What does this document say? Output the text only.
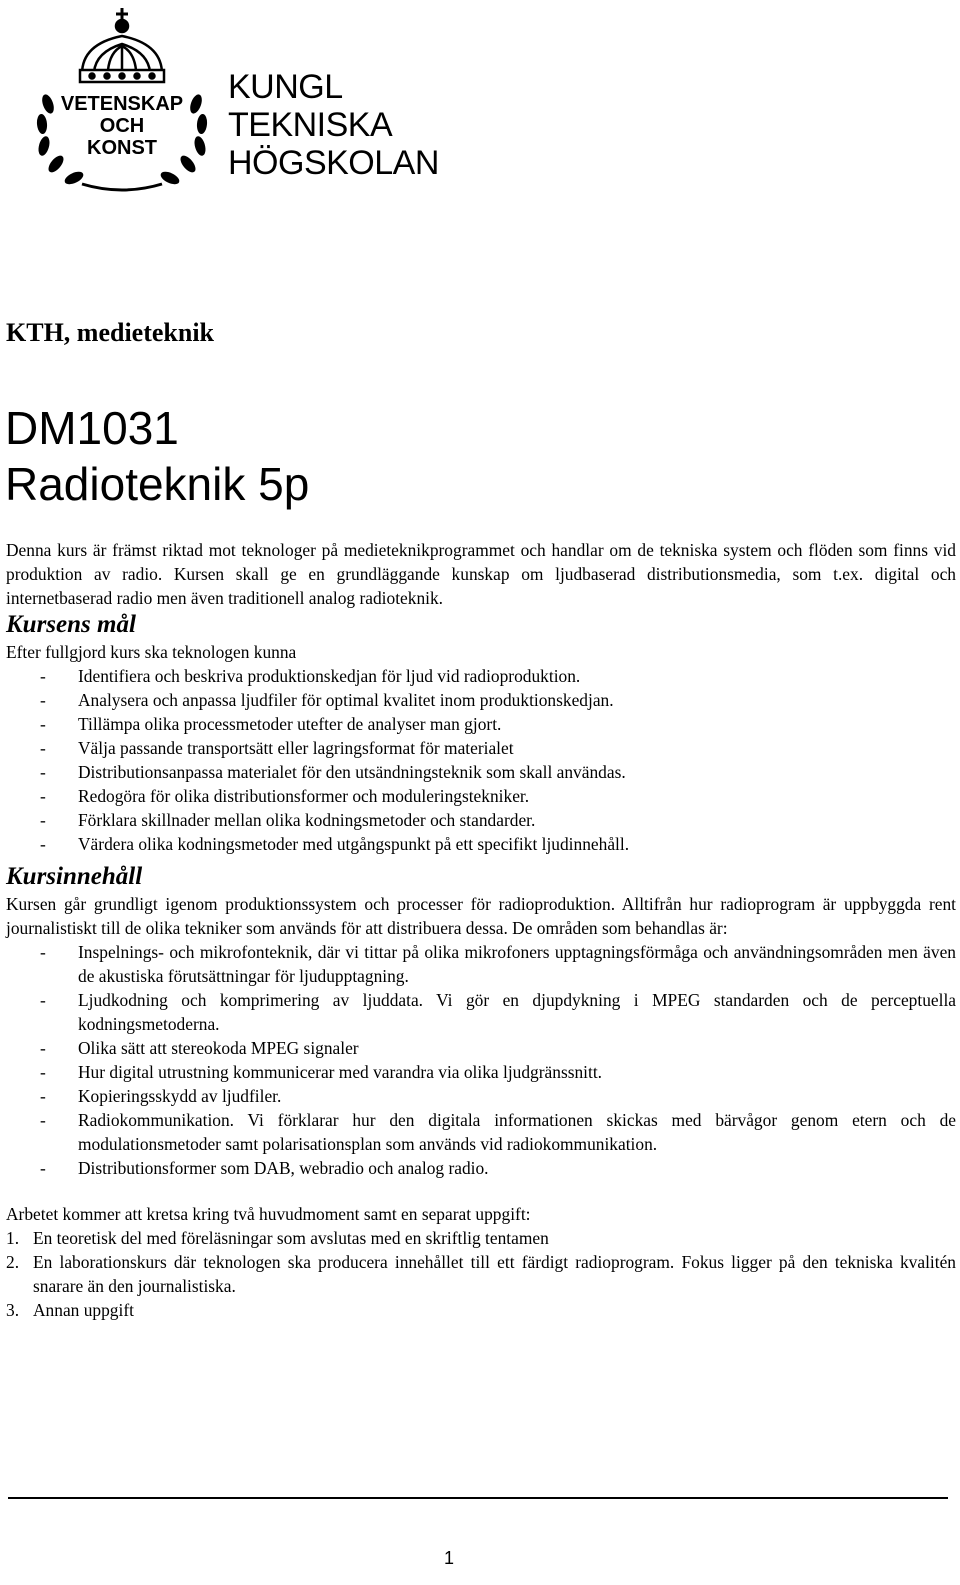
VETENSKAP
OCH
KONST
KUNGL
TEKNISKA
HÖGSKOLAN
KTH, medieteknik
DM1031
Radioteknik 5p

Denna kurs är främst riktad mot teknologer på medieteknikprogrammet och handlar om de tekniska system och flöden som finns vid produktion av radio. Kursen skall ge en grundläggande kunskap om ljudbaserad distributionsmedia, som t.ex. digital och internetbaserad radio men även traditionell analog radioteknik.

Kursens mål

Efter fullgjord kurs ska teknologen kunna

- Identifiera och beskriva produktionskedjan för ljud vid radioproduktion.
- Analysera och anpassa ljudfiler för optimal kvalitet inom produktionskedjan.
- Tillämpa olika processmetoder utefter de analyser man gjort.
- Välja passande transportsätt eller lagringsformat för materialet
- Distributionsanpassa materialet för den utsändningsteknik som skall användas.
- Redogöra för olika distributionsformer och moduleringstekniker.
- Förklara skillnader mellan olika kodningsmetoder och standarder.
- Värdera olika kodningsmetoder med utgångspunkt på ett specifikt ljudinnehåll.
Kursinnehåll

Kursen går grundligt igenom produktionssystem och processer för radioproduktion. Alltifrån hur radioprogram är uppbyggda rent journalistiskt till de olika tekniker som används för att distribuera dessa. De områden som behandlas är:

- Inspelnings- och mikrofonteknik, där vi tittar på olika mikrofoners upptagningsförmåga och användningsområden men även de akustiska förutsättningar för ljudupptagning.
- Ljudkodning och komprimering av ljuddata. Vi gör en djupdykning i MPEG standarden och de perceptuella kodningsmetoderna.
- Olika sätt att stereokoda MPEG signaler
- Hur digital utrustning kommunicerar med varandra via olika ljudgränssnitt.
- Kopieringsskydd av ljudfiler.
- Radiokommunikation. Vi förklarar hur den digitala informationen skickas med bärvågor genom etern och de modulationsmetoder samt polarisationsplan som används vid radiokommunikation.
- Distributionsformer som DAB, webradio och analog radio.

Arbetet kommer att kretsa kring två huvudmoment samt en separat uppgift:

1. En teoretisk del med föreläsningar som avslutas med en skriftlig tentamen
2. En laborationskurs där teknologen ska producera innehållet till ett färdigt radioprogram. Fokus ligger på den tekniska kvalitén snarare än den journalistiska.
3. Annan uppgift
1
